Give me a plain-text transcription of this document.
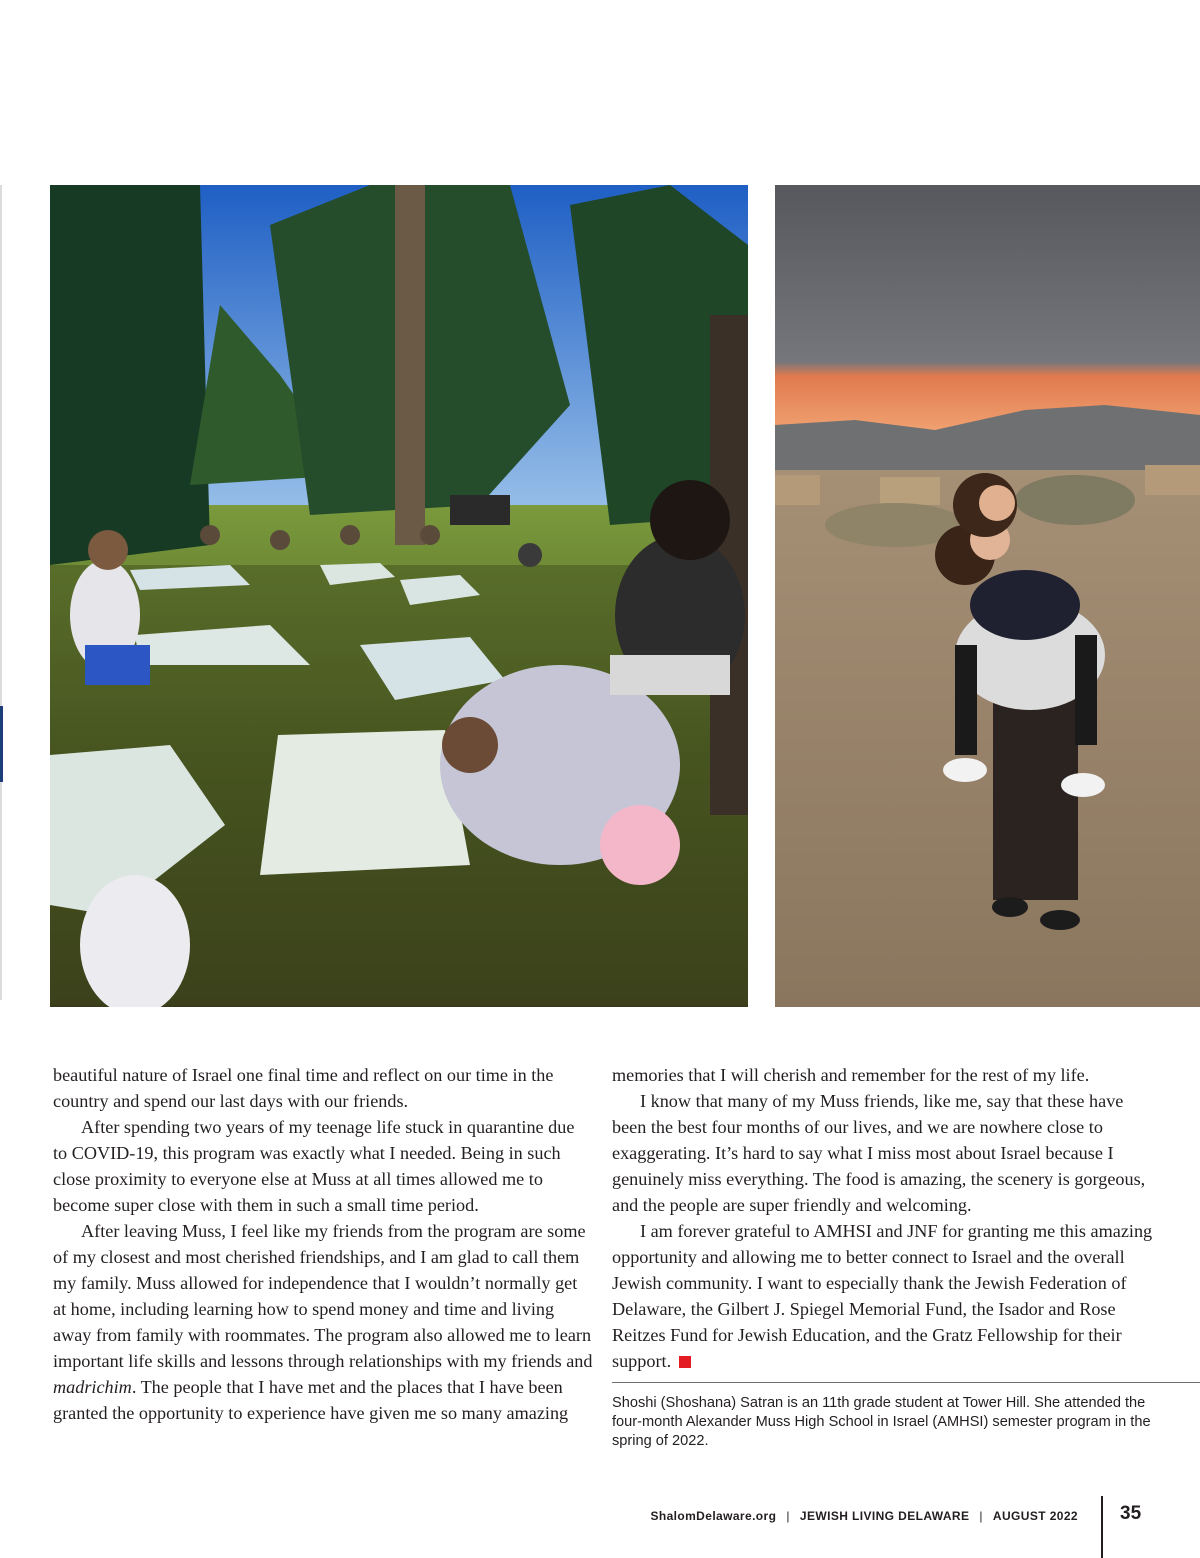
beautiful nature of Israel one final time and reflect on our time in the country and spend our last days with our friends.

After spending two years of my teenage life stuck in quarantine due to COVID-19, this program was exactly what I needed. Being in such close proximity to everyone else at Muss at all times allowed me to become super close with them in such a small time period.

After leaving Muss, I feel like my friends from the program are some of my closest and most cherished friendships, and I am glad to call them my family. Muss allowed for independence that I wouldn’t normally get at home, including learning how to spend money and time and living away from family with roommates. The program also allowed me to learn important life skills and lessons through relationships with my friends and madrichim. The people that I have met and the places that I have been granted the opportunity to experience have given me so many amazing

memories that I will cherish and remember for the rest of my life.

I know that many of my Muss friends, like me, say that these have been the best four months of our lives, and we are nowhere close to exaggerating. It’s hard to say what I miss most about Israel because I genuinely miss everything. The food is amazing, the scenery is gorgeous, and the people are super friendly and welcoming.

I am forever grateful to AMHSI and JNF for granting me this amazing opportunity and allowing me to better connect to Israel and the overall Jewish community. I want to especially thank the Jewish Federation of Delaware, the Gilbert J. Spiegel Memorial Fund, the Isador and Rose Reitzes Fund for Jewish Education, and the Gratz Fellowship for their support.

Shoshi (Shoshana) Satran is an 11th grade student at Tower Hill. She attended the four-month Alexander Muss High School in Israel (AMHSI) semester program in the spring of 2022.
ShalomDelaware.org | JEWISH LIVING DELAWARE | AUGUST 2022 35
